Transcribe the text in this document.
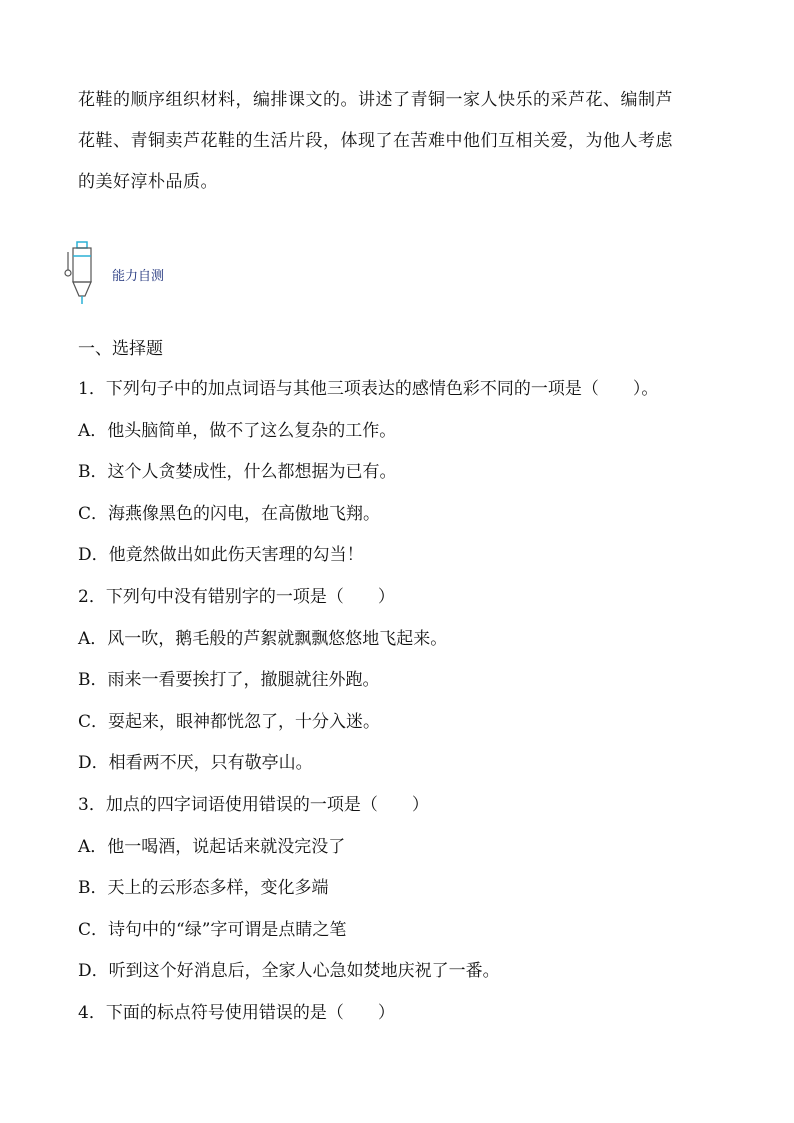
花鞋的顺序组织材料，编排课文的。讲述了青铜一家人快乐的采芦花、编制芦

花鞋、青铜卖芦花鞋的生活片段，体现了在苦难中他们互相关爱，为他人考虑

的美好淳朴品质。

能力自测
一、选择题
1．下列句子中的加点词语与其他三项表达的感情色彩不同的一项是（　　）。
A．他头脑简单，做不了这么复杂的工作。
B．这个人贪婪成性，什么都想据为已有。
C．海燕像黑色的闪电，在高傲地飞翔。
D．他竟然做出如此伤天害理的勾当！
2．下列句中没有错别字的一项是（　　）
A．风一吹，鹅毛般的芦絮就飘飘悠悠地飞起来。
B．雨来一看要挨打了，撤腿就往外跑。
C．耍起来，眼神都恍忽了，十分入迷。
D．相看两不厌，只有敬亭山。
3．加点的四字词语使用错误的一项是（　　）
A．他一喝酒，说起话来就没完没了
B．天上的云形态多样，变化多端
C．诗句中的“绿”字可谓是点睛之笔
D．听到这个好消息后，全家人心急如焚地庆祝了一番。
4．下面的标点符号使用错误的是（　　）
